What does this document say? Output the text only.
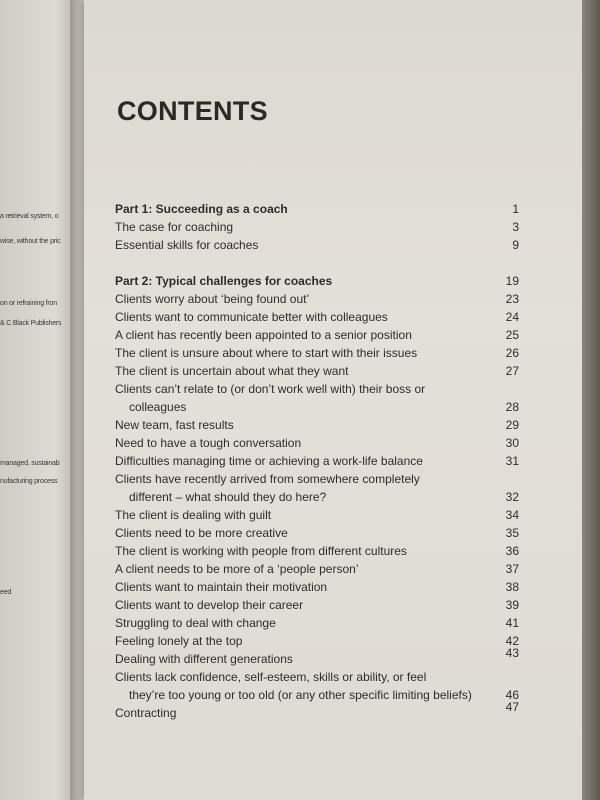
a retrieval system, o
wise, without the pric
on or refraining fron
& C Black Publishers
managed, sustainab
nufacturing process
eed
CONTENTS
Part 1: Succeeding as a coach	1
The case for coaching	3
Essential skills for coaches	9
Part 2: Typical challenges for coaches	19
Clients worry about ‘being found out’	23
Clients want to communicate better with colleagues	24
A client has recently been appointed to a senior position	25
The client is unsure about where to start with their issues	26
The client is uncertain about what they want	27
Clients can’t relate to (or don’t work well with) their boss or
colleagues	28
New team, fast results	29
Need to have a tough conversation	30
Difficulties managing time or achieving a work-life balance	31
Clients have recently arrived from somewhere completely
different – what should they do here?	32
The client is dealing with guilt	34
Clients need to be more creative	35
The client is working with people from different cultures	36
A client needs to be more of a ‘people person’	37
Clients want to maintain their motivation	38
Clients want to develop their career	39
Struggling to deal with change	41
Feeling lonely at the top	42
Dealing with different generations	43
Clients lack confidence, self-esteem, skills or ability, or feel
they’re too young or too old (or any other specific limiting beliefs)	46
Contracting	47
